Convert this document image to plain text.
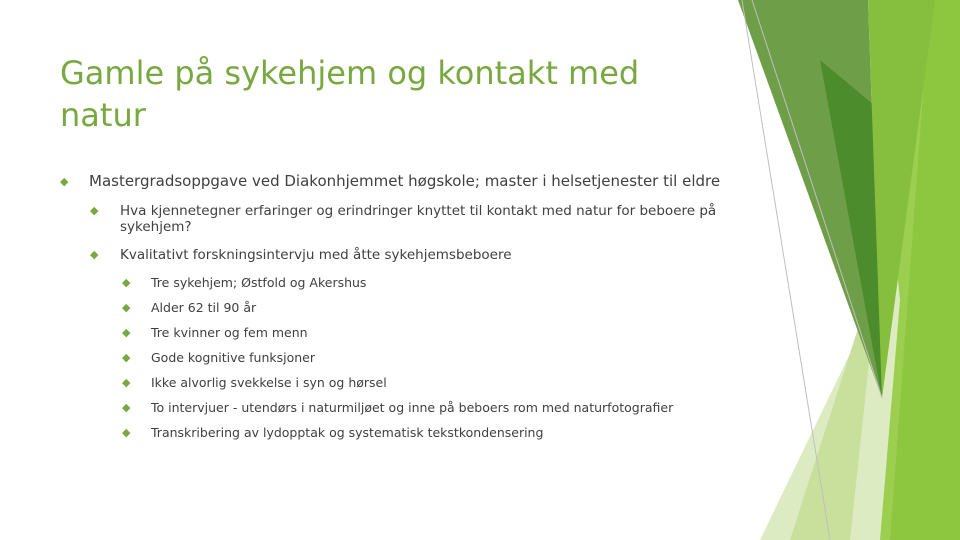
Gamle på sykehjem og kontakt med natur
◆ Mastergradsoppgave ved Diakonhjemmet høgskole; master i helsetjenester til eldre
◆ Hva kjennetegner erfaringer og erindringer knyttet til kontakt med natur for beboere på sykehjem?
◆ Kvalitativt forskningsintervju med åtte sykehjemsbeboere
◆ Tre sykehjem; Østfold og Akershus
◆ Alder 62 til 90 år
◆ Tre kvinner og fem menn
◆ Gode kognitive funksjoner
◆ Ikke alvorlig svekkelse i syn og hørsel
◆ To intervjuer - utendørs i naturmiljøet og inne på beboers rom med naturfotografier
◆ Transkribering av lydopptak og systematisk tekstkondensering
